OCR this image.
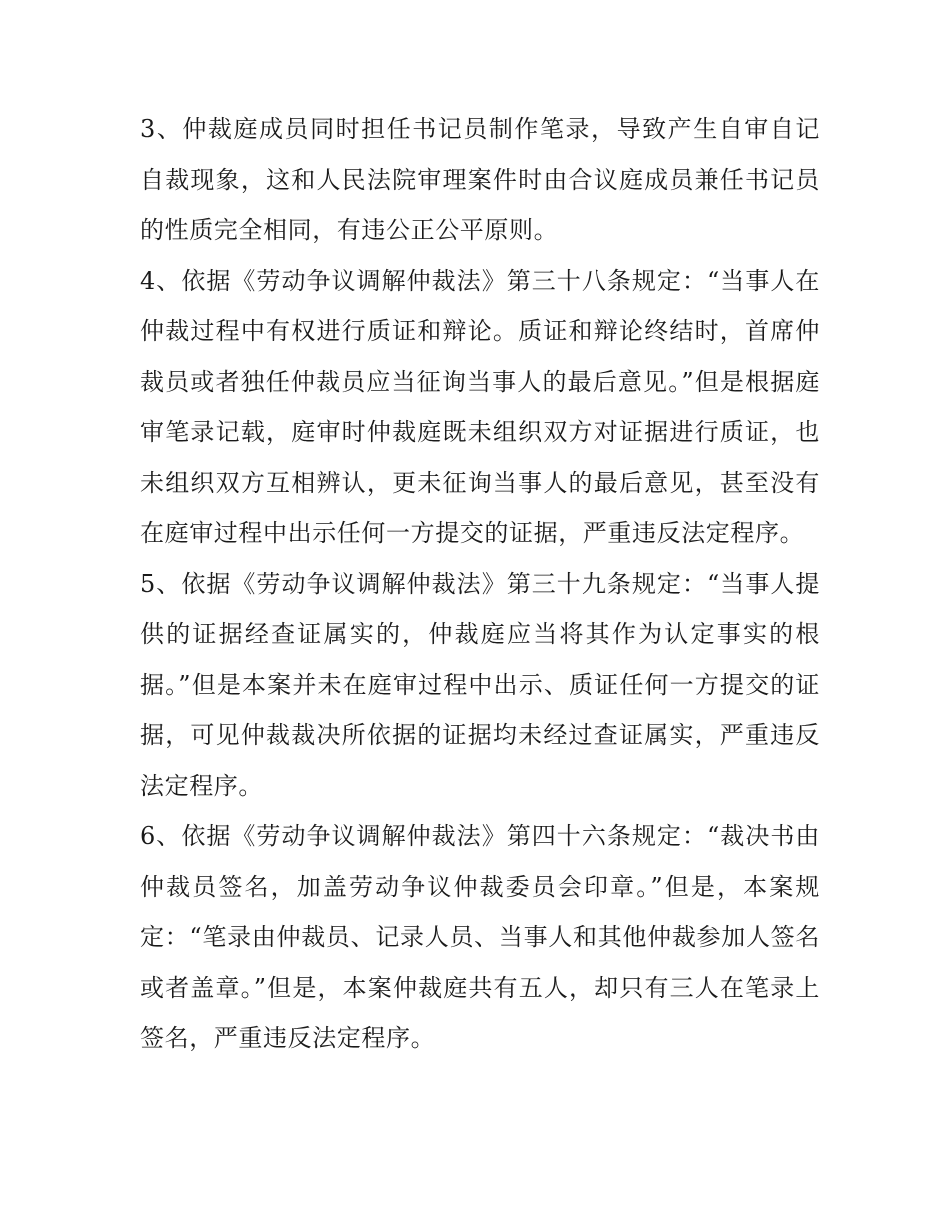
3、仲裁庭成员同时担任书记员制作笔录，导致产生自审自记自裁现象，这和人民法院审理案件时由合议庭成员兼任书记员的性质完全相同，有违公正公平原则。

4、依据《劳动争议调解仲裁法》第三十八条规定：“当事人在仲裁过程中有权进行质证和辩论。质证和辩论终结时，首席仲裁员或者独任仲裁员应当征询当事人的最后意见。”但是根据庭审笔录记载，庭审时仲裁庭既未组织双方对证据进行质证，也未组织双方互相辨认，更未征询当事人的最后意见，甚至没有在庭审过程中出示任何一方提交的证据，严重违反法定程序。

5、依据《劳动争议调解仲裁法》第三十九条规定：“当事人提供的证据经查证属实的，仲裁庭应当将其作为认定事实的根据。”但是本案并未在庭审过程中出示、质证任何一方提交的证据，可见仲裁裁决所依据的证据均未经过查证属实，严重违反法定程序。

6、依据《劳动争议调解仲裁法》第四十六条规定：“裁决书由仲裁员签名，加盖劳动争议仲裁委员会印章。”但是，本案规定：“笔录由仲裁员、记录人员、当事人和其他仲裁参加人签名或者盖章。”但是，本案仲裁庭共有五人，却只有三人在笔录上签名，严重违反法定程序。
